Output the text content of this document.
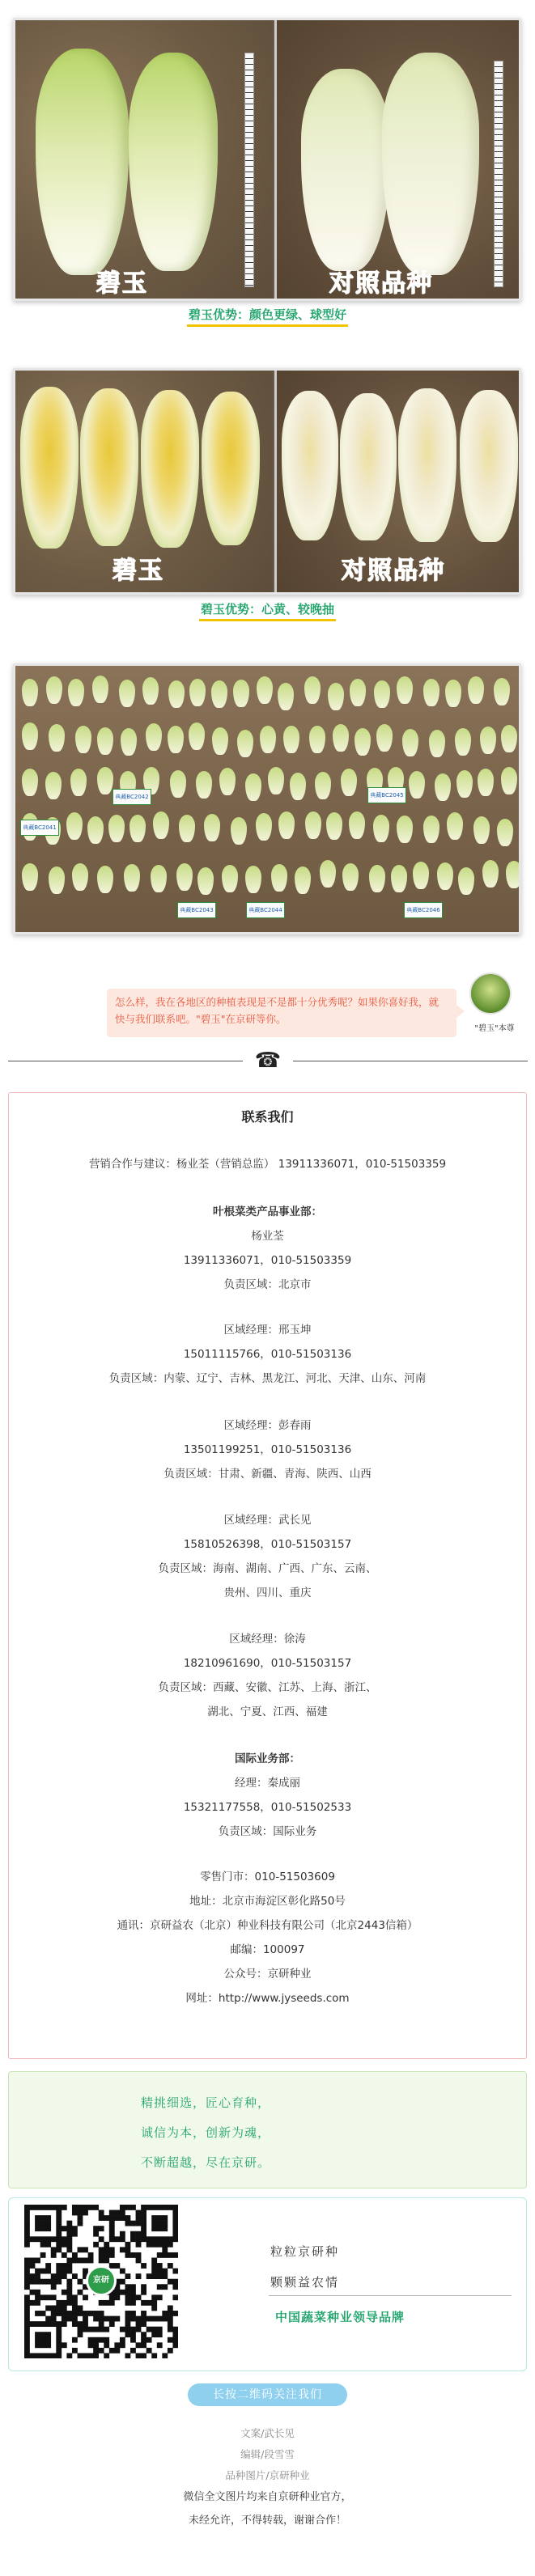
碧玉	对照品种
碧玉优势：颜色更绿、球型好
碧玉	对照品种
碧玉优势：心黄、较晚抽
典藏BC2041
典藏BC2042
典藏BC2043	典藏BC2044
典藏BC2045
典藏BC2046
怎么样，我在各地区的种植表现是不是都十分优秀呢？如果你喜好我，就快与我们联系吧。"碧玉"在京研等你。
"碧玉"本尊
☎
联系我们
营销合作与建议：杨业荃（营销总监） 13911336071，010-51503359
叶根菜类产品事业部：
杨业荃
13911336071，010-51503359
负责区域：北京市
区域经理：邢玉坤
15011115766，010-51503136
负责区域：内蒙、辽宁、吉林、黑龙江、河北、天津、山东、河南
区域经理：彭春雨
13501199251，010-51503136
负责区域：甘肃、新疆、青海、陕西、山西
区域经理：武长见
15810526398，010-51503157
负责区域：海南、湖南、广西、广东、云南、
贵州、四川、重庆
区域经理：徐涛
18210961690，010-51503157
负责区域：西藏、安徽、江苏、上海、浙江、
湖北、宁夏、江西、福建
国际业务部：
经理：秦成丽
15321177558，010-51502533
负责区域：国际业务
零售门市：010-51503609
地址：北京市海淀区彰化路50号
通讯：京研益农（北京）种业科技有限公司（北京2443信箱）
邮编：100097
公众号：京研种业
网址：http://www.jyseeds.com
精挑细选，匠心育种，
诚信为本，创新为魂，
不断超越，尽在京研。
京研
粒粒京研种
颗颗益农情
中国蔬菜种业领导品牌
长按二维码关注我们
文案/武长见
编辑/段雪雪
品种图片/京研种业
微信全文图片均来自京研种业官方，
未经允许，不得转载，谢谢合作！
